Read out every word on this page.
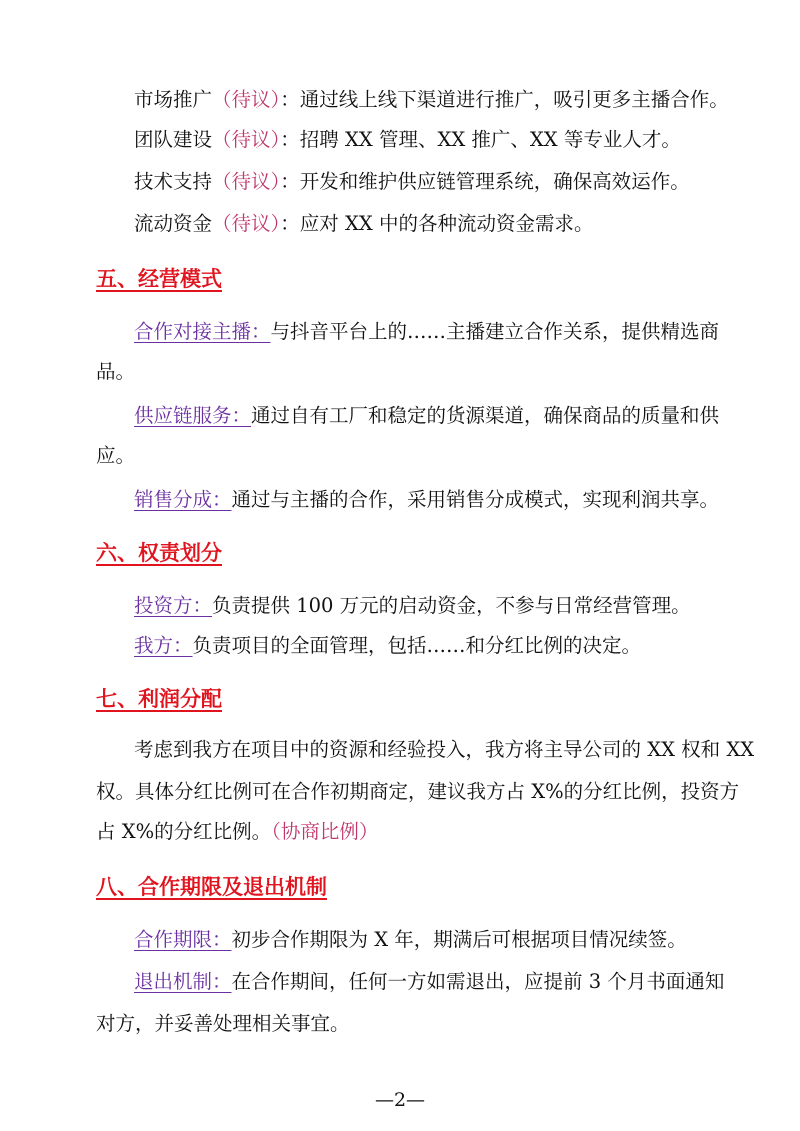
市场推广（待议）：通过线上线下渠道进行推广，吸引更多主播合作。
团队建设（待议）：招聘 XX 管理、XX 推广、XX 等专业人才。
技术支持（待议）：开发和维护供应链管理系统，确保高效运作。
流动资金（待议）：应对 XX 中的各种流动资金需求。
五、经营模式
合作对接主播：与抖音平台上的……主播建立合作关系，提供精选商
品。
供应链服务：通过自有工厂和稳定的货源渠道，确保商品的质量和供
应。
销售分成：通过与主播的合作，采用销售分成模式，实现利润共享。
六、权责划分
投资方：负责提供 100 万元的启动资金，不参与日常经营管理。
我方：负责项目的全面管理，包括……和分红比例的决定。
七、利润分配
考虑到我方在项目中的资源和经验投入，我方将主导公司的 XX 权和 XX
权。具体分红比例可在合作初期商定，建议我方占 X%的分红比例，投资方
占 X%的分红比例。（协商比例）
八、合作期限及退出机制
合作期限：初步合作期限为 X 年，期满后可根据项目情况续签。
退出机制：在合作期间，任何一方如需退出，应提前 3 个月书面通知
对方，并妥善处理相关事宜。
—2—
